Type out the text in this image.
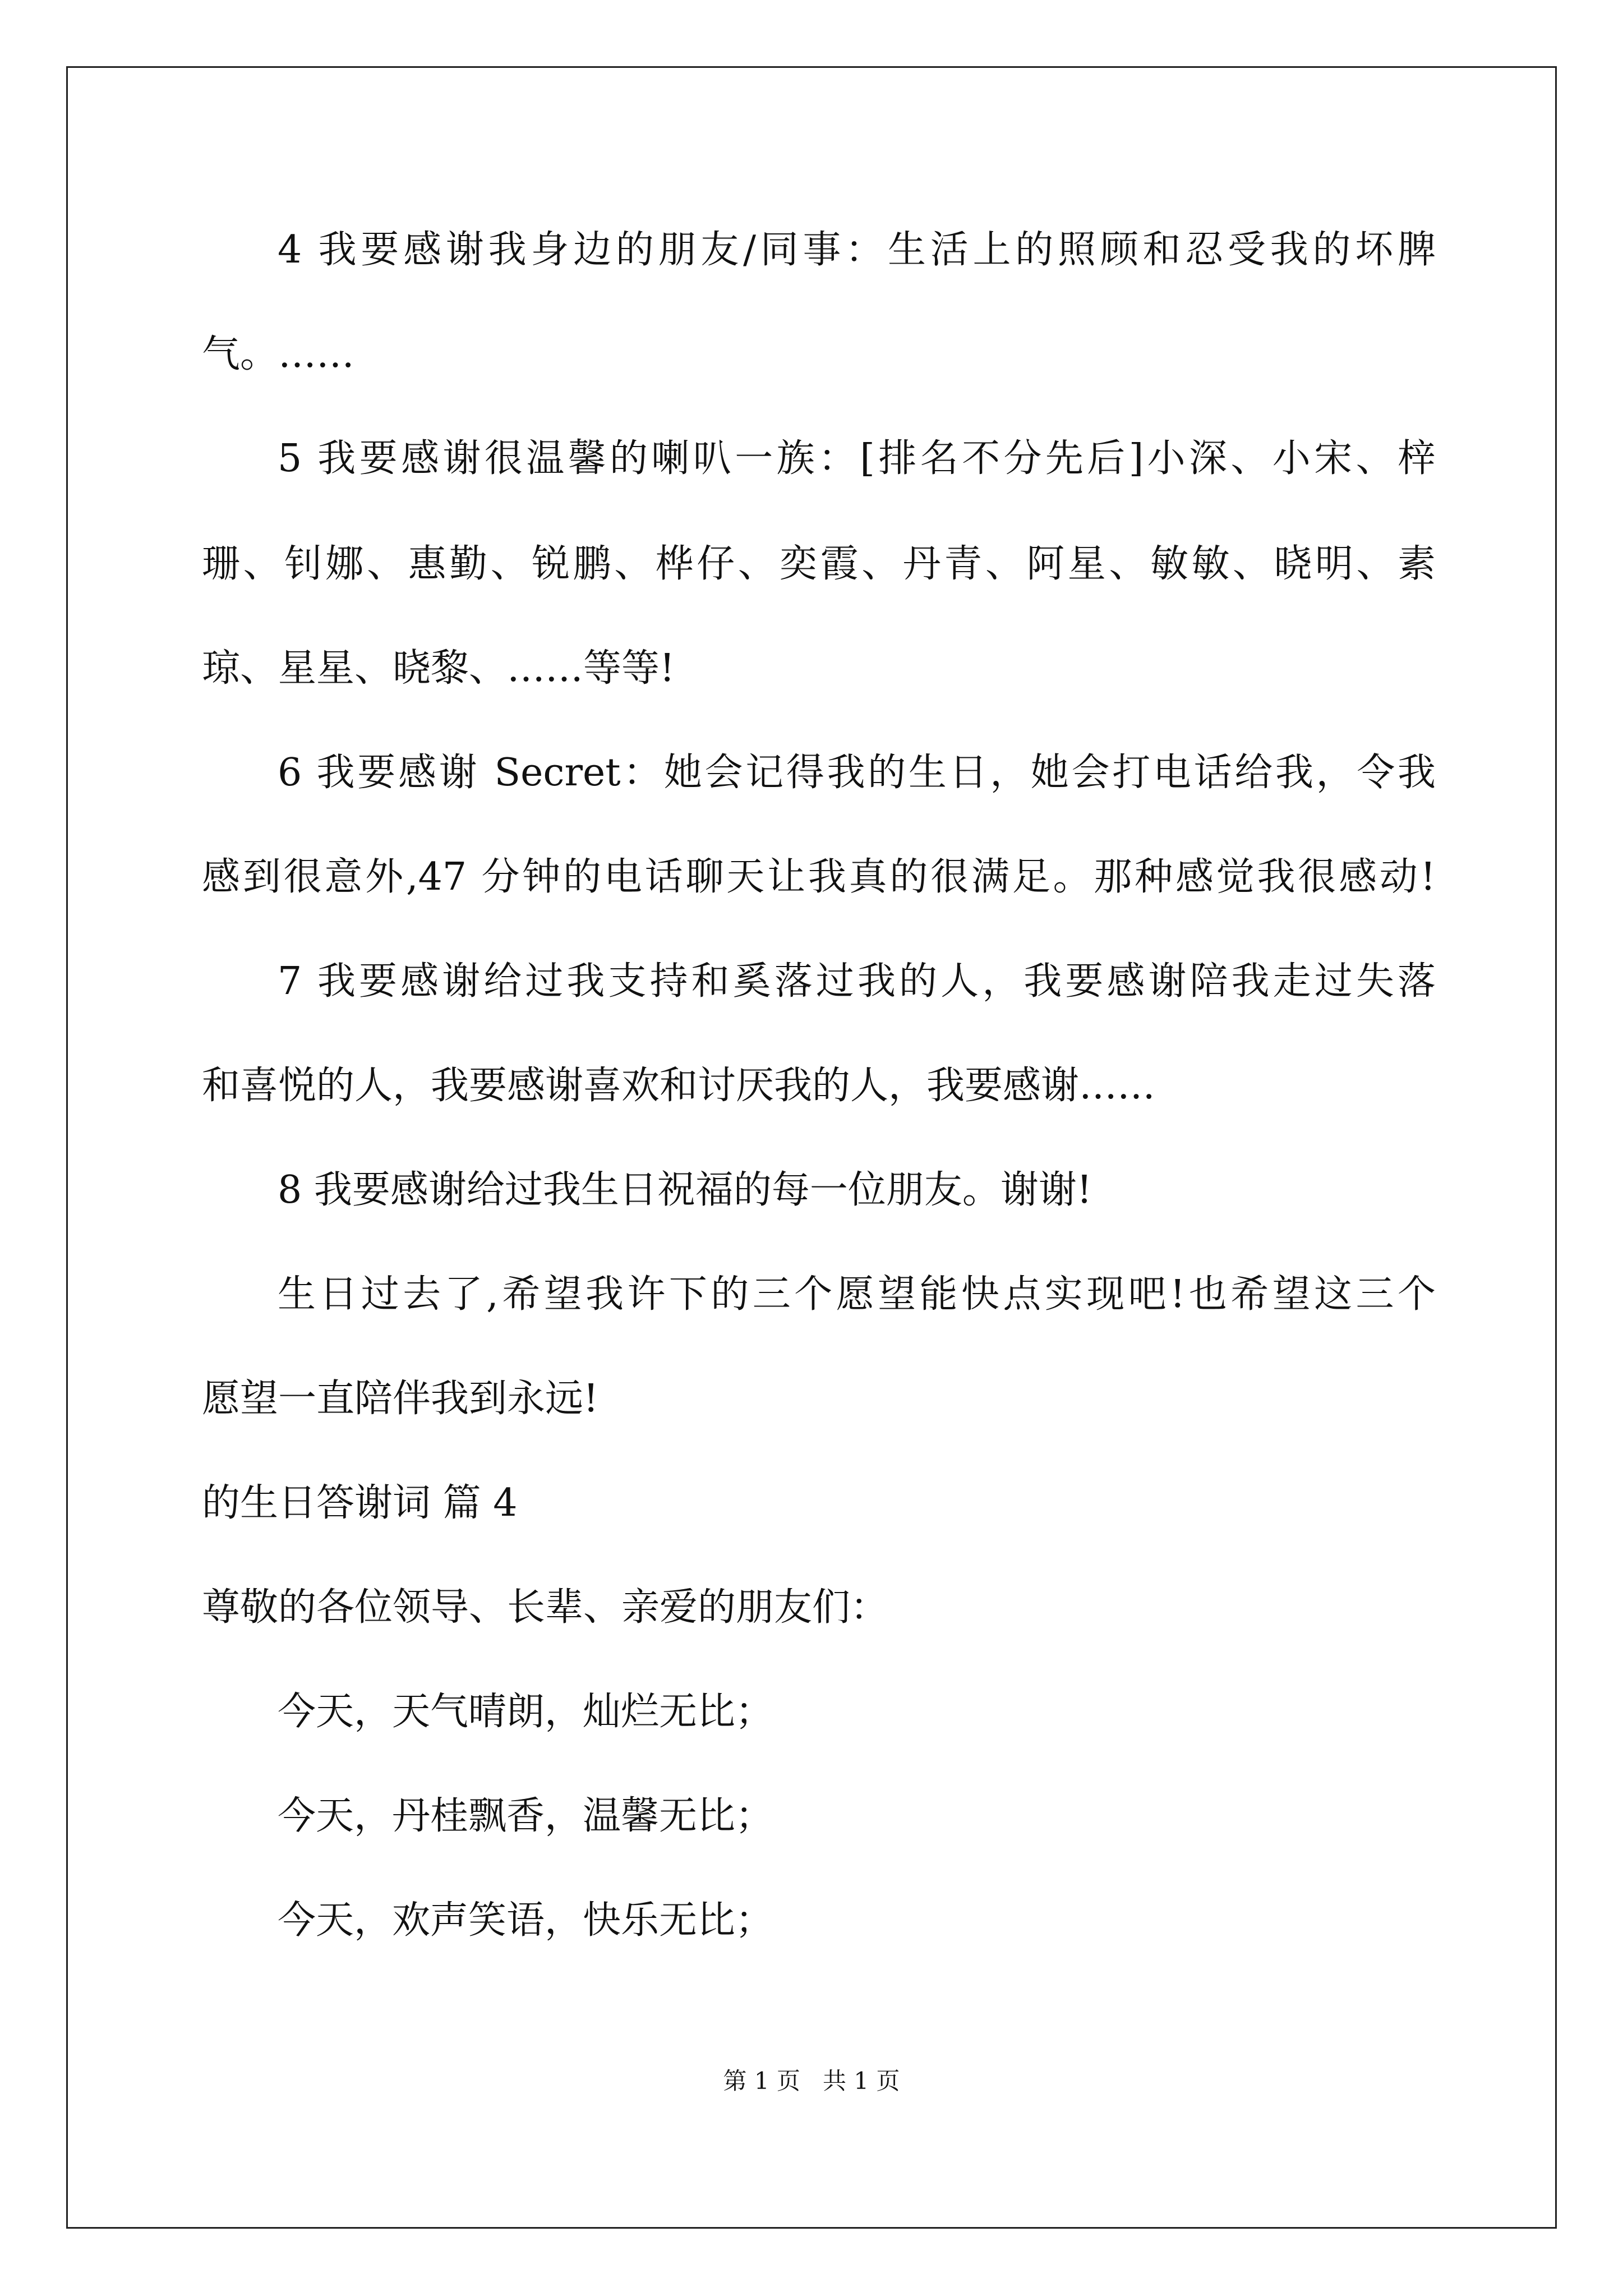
4 我要感谢我身边的朋友/同事：生活上的照顾和忍受我的坏脾
气。……
5 我要感谢很温馨的喇叭一族：[排名不分先后]小深、小宋、梓
珊、钊娜、惠勤、锐鹏、桦仔、奕霞、丹青、阿星、敏敏、晓明、素
琼、星星、晓黎、……等等!
6 我要感谢 Secret：她会记得我的生日，她会打电话给我，令我
感到很意外,47 分钟的电话聊天让我真的很满足。那种感觉我很感动!
7 我要感谢给过我支持和奚落过我的人，我要感谢陪我走过失落
和喜悦的人，我要感谢喜欢和讨厌我的人，我要感谢……
8 我要感谢给过我生日祝福的每一位朋友。谢谢!
生日过去了,希望我许下的三个愿望能快点实现吧!也希望这三个
愿望一直陪伴我到永远!
的生日答谢词 篇 4
尊敬的各位领导、长辈、亲爱的朋友们：
今天，天气晴朗，灿烂无比；
今天，丹桂飘香，温馨无比；
今天，欢声笑语，快乐无比；
第 1 页   共 1 页
